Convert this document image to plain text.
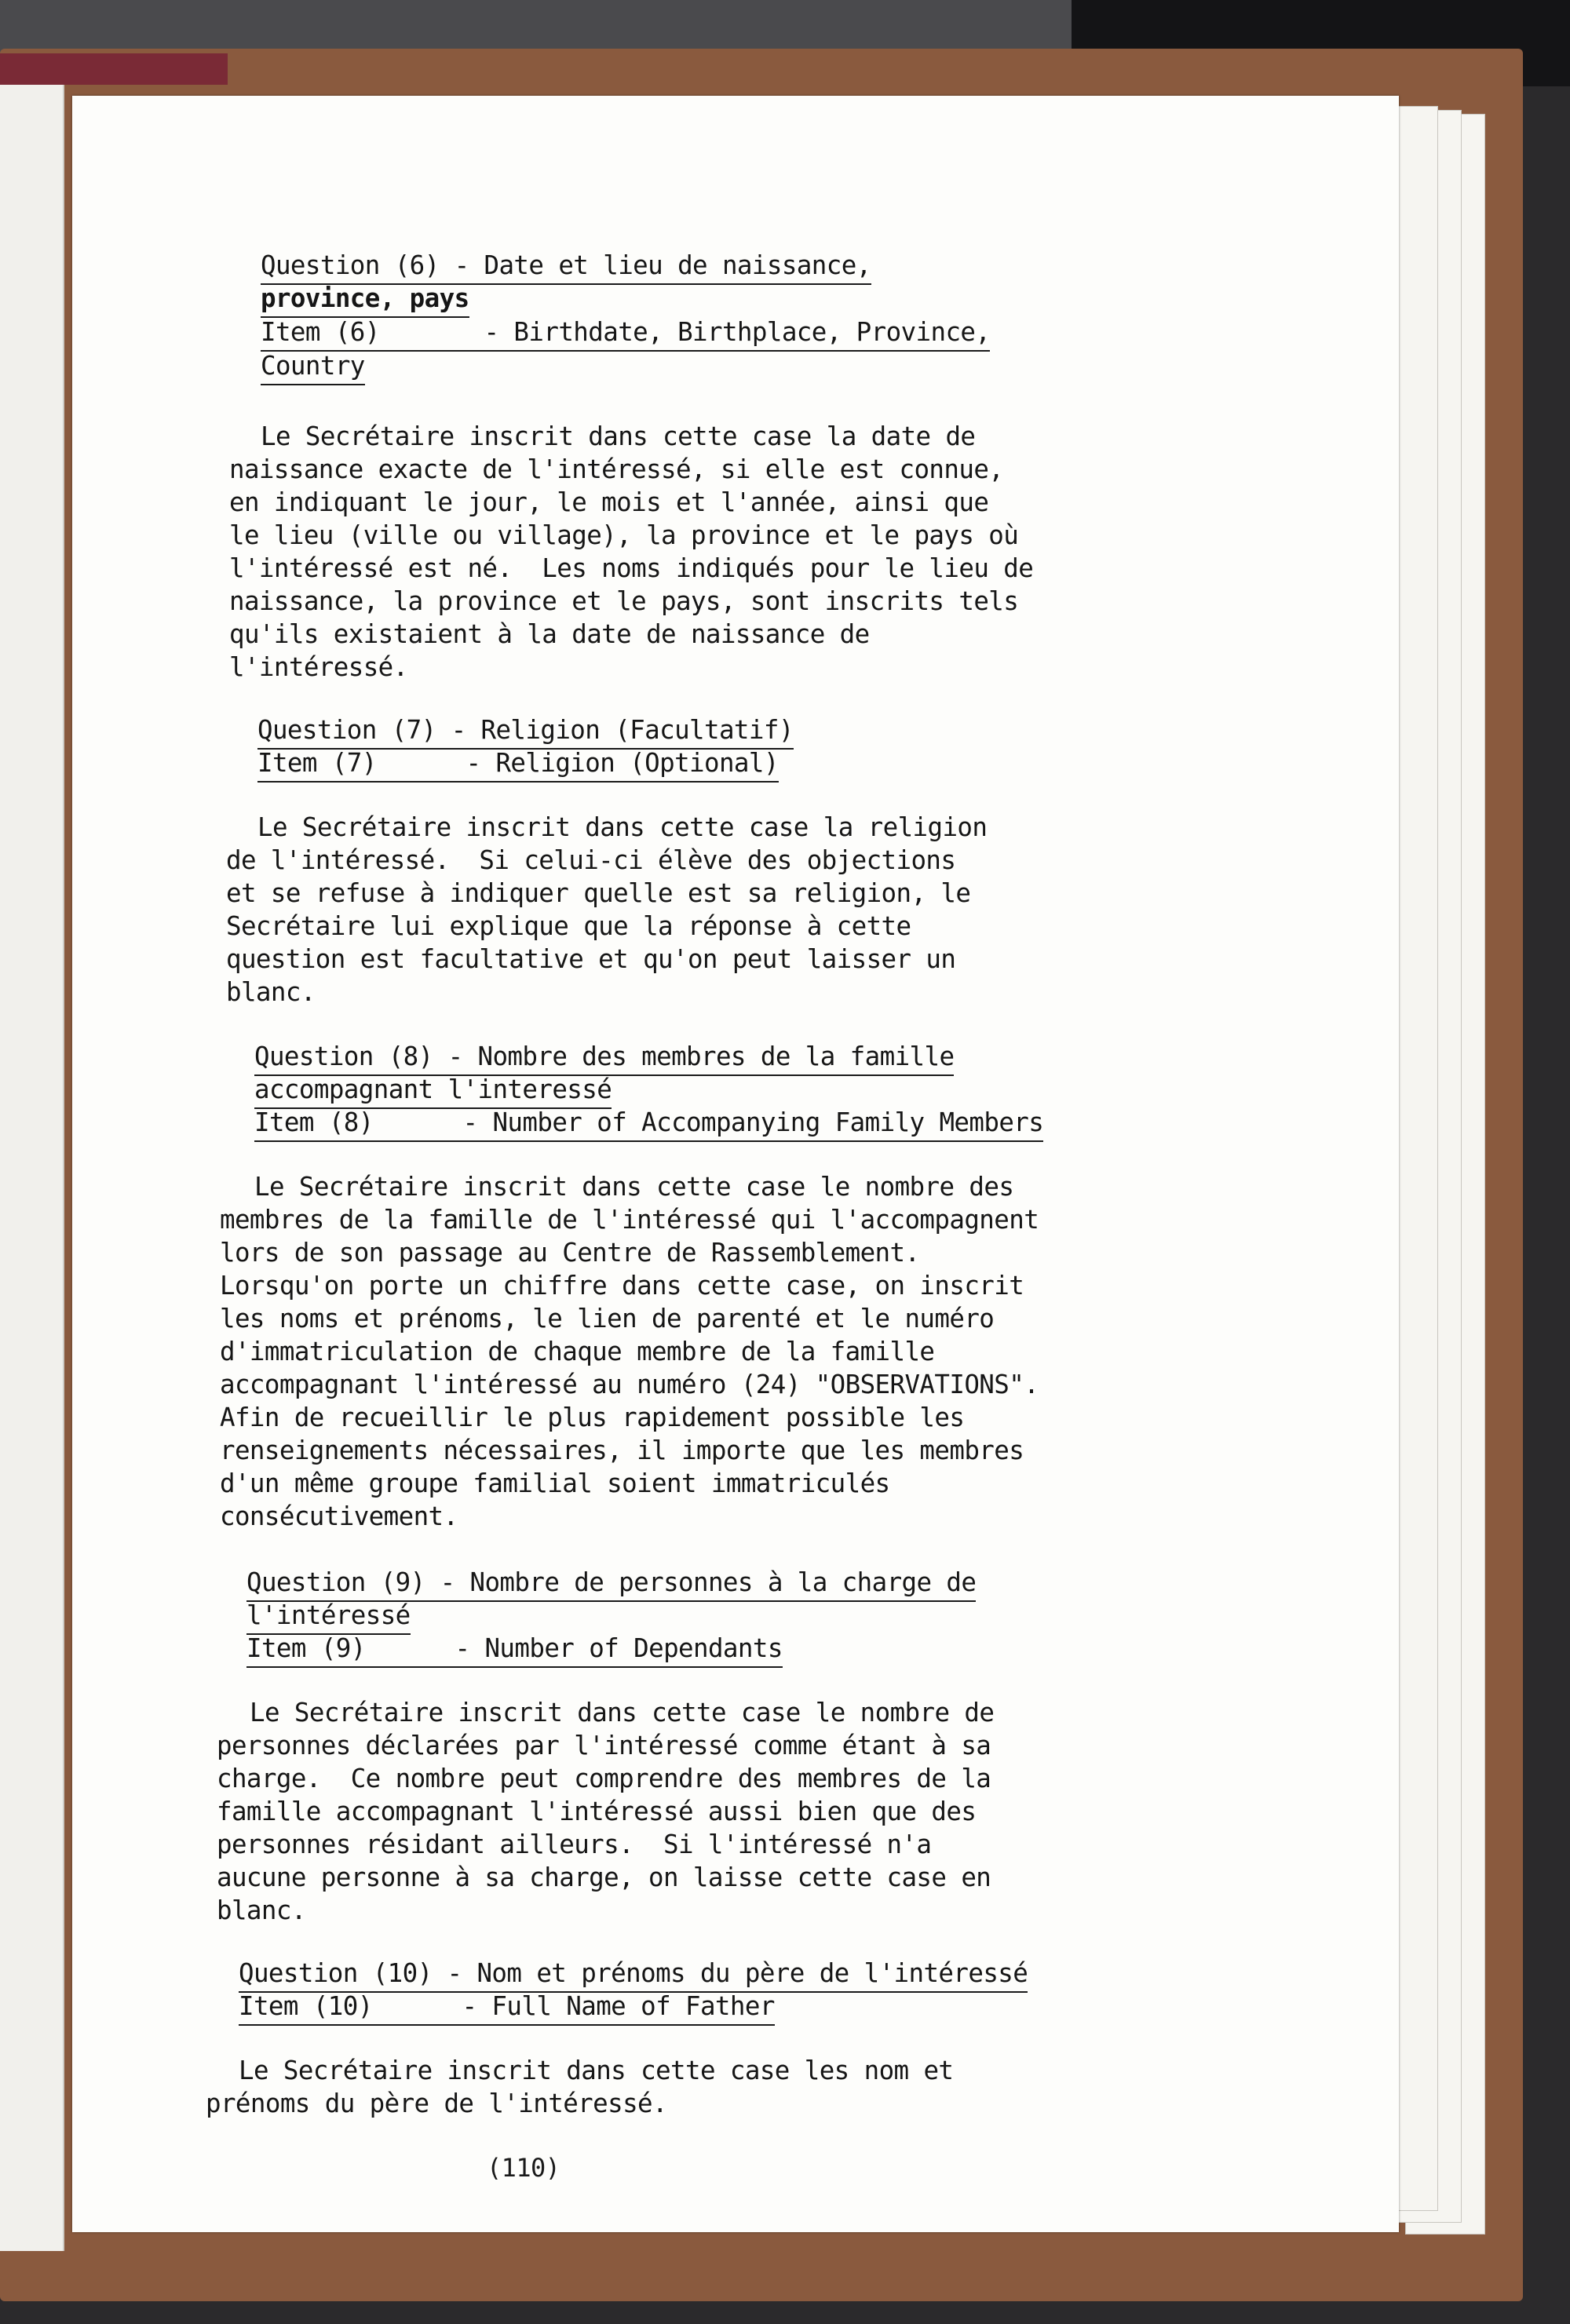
Question (6) - Date et lieu de naissance,
province, pays
Item (6)       - Birthdate, Birthplace, Province,
Country
Le Secrétaire inscrit dans cette case la date de
naissance exacte de l'intéressé, si elle est connue,
en indiquant le jour, le mois et l'année, ainsi que
le lieu (ville ou village), la province et le pays où
l'intéressé est né.  Les noms indiqués pour le lieu de
naissance, la province et le pays, sont inscrits tels
qu'ils existaient à la date de naissance de
l'intéressé.
Question (7) - Religion (Facultatif)
Item (7)      - Religion (Optional)
Le Secrétaire inscrit dans cette case la religion
de l'intéressé.  Si celui-ci élève des objections
et se refuse à indiquer quelle est sa religion, le
Secrétaire lui explique que la réponse à cette
question est facultative et qu'on peut laisser un
blanc.
Question (8) - Nombre des membres de la famille
accompagnant l'interessé
Item (8)      - Number of Accompanying Family Members
Le Secrétaire inscrit dans cette case le nombre des
membres de la famille de l'intéressé qui l'accompagnent
lors de son passage au Centre de Rassemblement.
Lorsqu'on porte un chiffre dans cette case, on inscrit
les noms et prénoms, le lien de parenté et le numéro
d'immatriculation de chaque membre de la famille
accompagnant l'intéressé au numéro (24) "OBSERVATIONS".
Afin de recueillir le plus rapidement possible les
renseignements nécessaires, il importe que les membres
d'un même groupe familial soient immatriculés
consécutivement.
Question (9) - Nombre de personnes à la charge de
l'intéressé
Item (9)      - Number of Dependants
Le Secrétaire inscrit dans cette case le nombre de
personnes déclarées par l'intéressé comme étant à sa
charge.  Ce nombre peut comprendre des membres de la
famille accompagnant l'intéressé aussi bien que des
personnes résidant ailleurs.  Si l'intéressé n'a
aucune personne à sa charge, on laisse cette case en
blanc.
Question (10) - Nom et prénoms du père de l'intéressé
Item (10)      - Full Name of Father
Le Secrétaire inscrit dans cette case les nom et
prénoms du père de l'intéressé.
(110)
